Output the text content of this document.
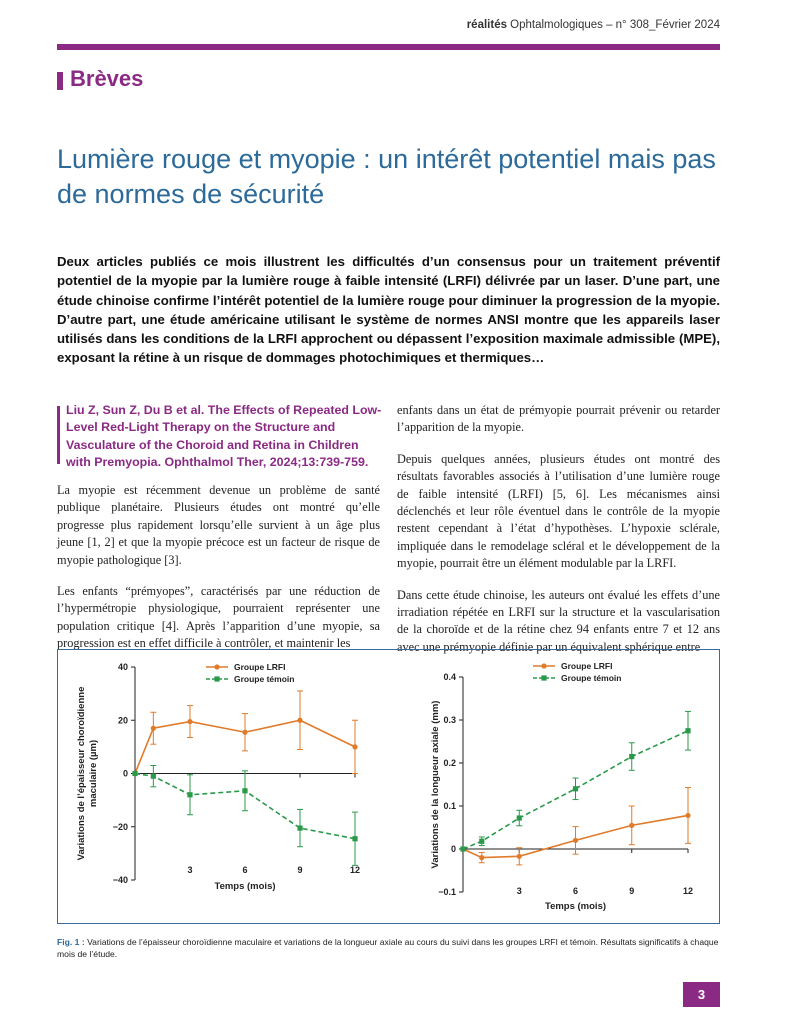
réalités Ophtalmologiques – n° 308_Février 2024
Brèves
Lumière rouge et myopie : un intérêt potentiel mais pas de normes de sécurité
Deux articles publiés ce mois illustrent les difficultés d’un consensus pour un traitement préventif potentiel de la myopie par la lumière rouge à faible intensité (LRFI) délivrée par un laser. D’une part, une étude chinoise confirme l’intérêt potentiel de la lumière rouge pour diminuer la progression de la myopie. D’autre part, une étude américaine utilisant le système de normes ANSI montre que les appareils laser utilisés dans les conditions de la LRFI approchent ou dépassent l’exposition maximale admissible (MPE), exposant la rétine à un risque de dommages photochimiques et thermiques…
Liu Z, Sun Z, Du B et al. The Effects of Repeated Low-Level Red-Light Therapy on the Structure and Vasculature of the Choroid and Retina in Children with Premyopia. Ophthalmol Ther, 2024;13:739-759.

La myopie est récemment devenue un problème de santé publique planétaire. Plusieurs études ont montré qu’elle progresse plus rapidement lorsqu’elle survient à un âge plus jeune [1, 2] et que la myopie précoce est un facteur de risque de myopie pathologique [3].

Les enfants “prémyopes”, caractérisés par une réduction de l’hypermétropie physiologique, pourraient représenter une population critique [4]. Après l’apparition d’une myopie, sa progression est en effet difficile à contrôler, et maintenir les

enfants dans un état de prémyopie pourrait prévenir ou retarder l’apparition de la myopie.

Depuis quelques années, plusieurs études ont montré des résultats favorables associés à l’utilisation d’une lumière rouge de faible intensité (LRFI) [5, 6]. Les mécanismes ainsi déclenchés et leur rôle éventuel dans le contrôle de la myopie restent cependant à l’état d’hypothèses. L’hypoxie sclérale, impliquée dans le remodelage scléral et le développement de la myopie, pourrait être un élément modulable par la LRFI.

Dans cette étude chinoise, les auteurs ont évalué les effets d’une irradiation répétée en LRFI sur la structure et la vascularisation de la choroïde et de la rétine chez 94 enfants entre 7 et 12 ans avec une prémyopie définie par un équivalent sphérique entre

−40
−20
0
20
40
3	6	9	12
Temps (mois)
Variations de l’épaisseur choroïdiennemaculaire (µm)
Groupe LRFI
Groupe témoin
−0.1
0
0.1
0.2
0.3
0.4
3	6	9	12
Temps (mois)
Variations de la longueur axiale (mm)
Groupe LRFI
Groupe témoin
Fig. 1 : Variations de l’épaisseur choroïdienne maculaire et variations de la longueur axiale au cours du suivi dans les groupes LRFI et témoin. Résultats significatifs à chaque mois de l’étude.
3
